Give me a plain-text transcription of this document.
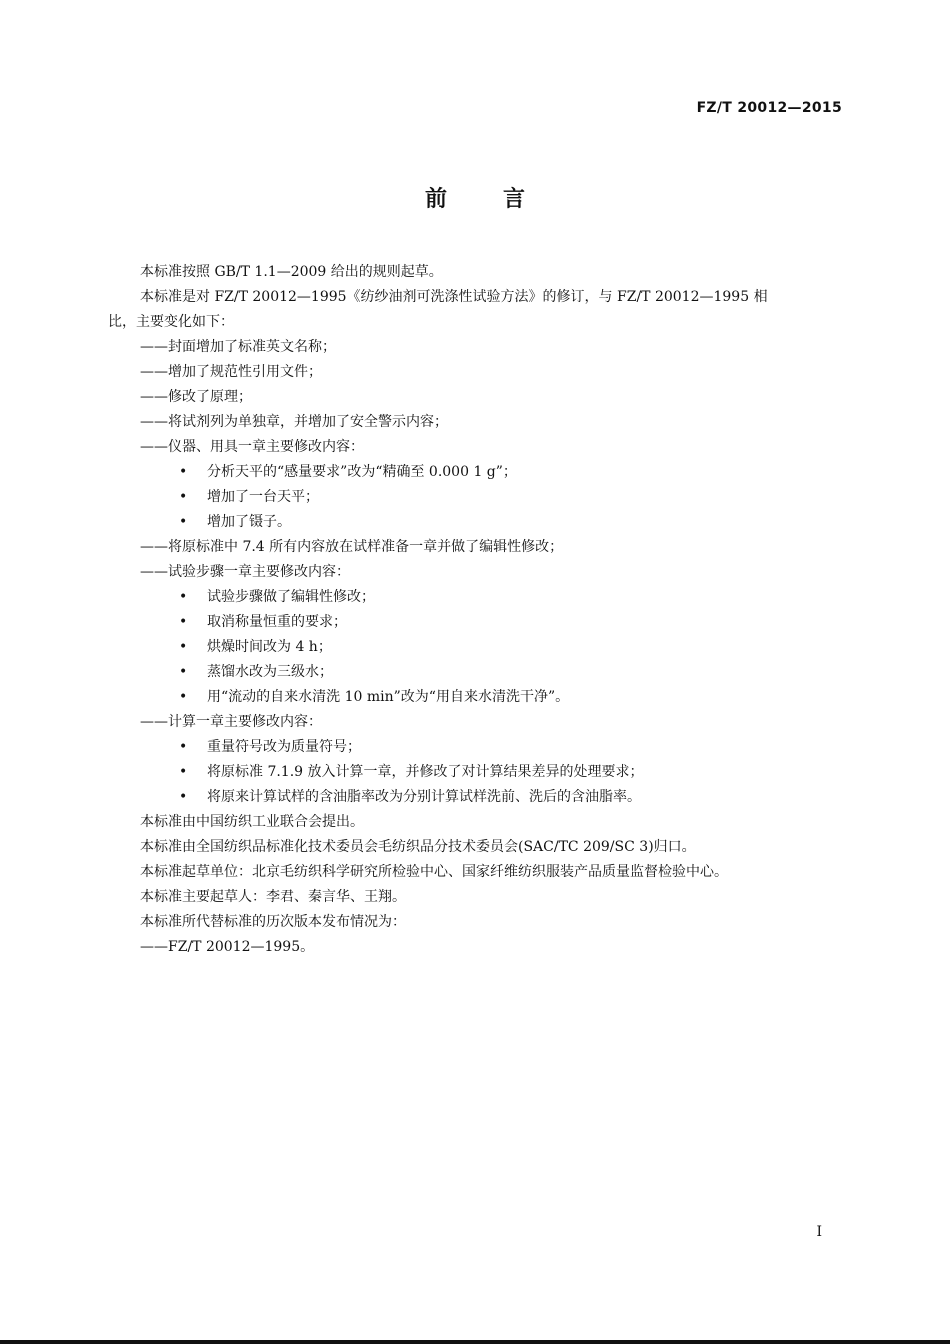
FZ/T 20012—2015
前言

本标准按照 GB/T 1.1—2009 给出的规则起草。

本标准是对 FZ/T 20012—1995《纺纱油剂可洗涤性试验方法》的修订，与 FZ/T 20012—1995 相

比，主要变化如下：

——封面增加了标准英文名称；

——增加了规范性引用文件；

——修改了原理；

——将试剂列为单独章，并增加了安全警示内容；

——仪器、用具一章主要修改内容：

•	分析天平的“感量要求”改为“精确至 0.000 1 g”；

•	增加了一台天平；

•	增加了镊子。

——将原标准中 7.4 所有内容放在试样准备一章并做了编辑性修改；

——试验步骤一章主要修改内容：

•	试验步骤做了编辑性修改；

•	取消称量恒重的要求；

•	烘燥时间改为 4 h；

•	蒸馏水改为三级水；

•	用“流动的自来水清洗 10 min”改为“用自来水清洗干净”。

——计算一章主要修改内容：

•	重量符号改为质量符号；

•	将原标准 7.1.9 放入计算一章，并修改了对计算结果差异的处理要求；

•	将原来计算试样的含油脂率改为分别计算试样洗前、洗后的含油脂率。

本标准由中国纺织工业联合会提出。

本标准由全国纺织品标准化技术委员会毛纺织品分技术委员会(SAC/TC 209/SC 3)归口。

本标准起草单位：北京毛纺织科学研究所检验中心、国家纤维纺织服装产品质量监督检验中心。

本标准主要起草人：李君、秦言华、王翔。

本标准所代替标准的历次版本发布情况为：

——FZ/T 20012—1995。

I
